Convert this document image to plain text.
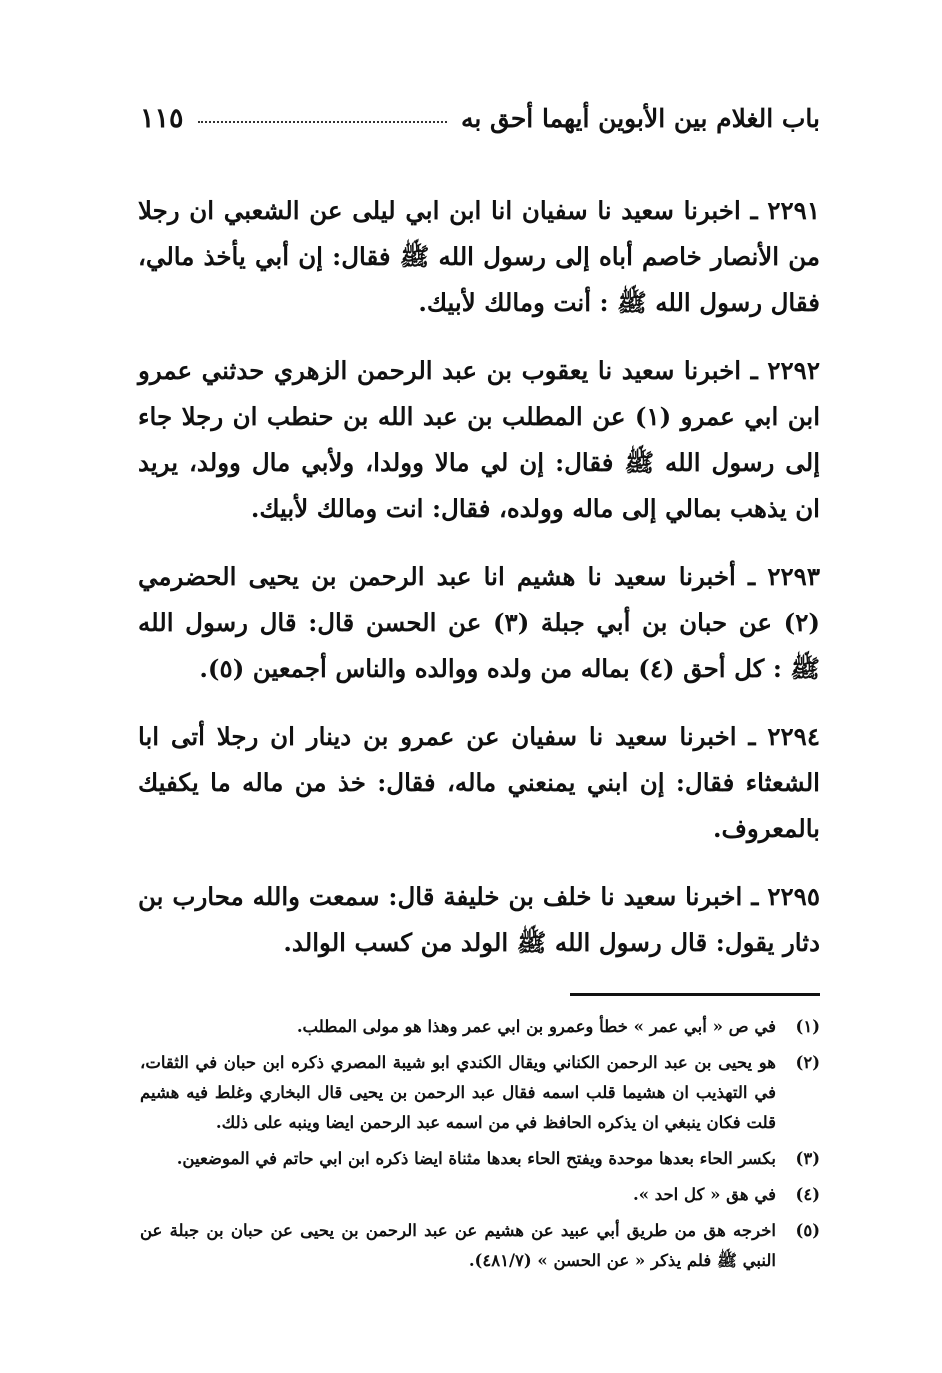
باب الغلام بين الأبوين أيهما أحق به
١١٥

٢٢٩١ ـ اخبرنا سعيد نا سفيان انا ابن ابي ليلى عن الشعبي ان رجلا من الأنصار خاصم أباه إلى رسول الله ﷺ فقال: إن أبي يأخذ مالي، فقال رسول الله ﷺ : أنت ومالك لأبيك.

٢٢٩٢ ـ اخبرنا سعيد نا يعقوب بن عبد الرحمن الزهري حدثني عمرو ابن ابي عمرو (١) عن المطلب بن عبد الله بن حنطب ان رجلا جاء إلى رسول الله ﷺ فقال: إن لي مالا وولدا، ولأبي مال وولد، يريد ان يذهب بمالي إلى ماله وولده، فقال: انت ومالك لأبيك.

٢٢٩٣ ـ أخبرنا سعيد نا هشيم انا عبد الرحمن بن يحيى الحضرمي (٢) عن حبان بن أبي جبلة (٣) عن الحسن قال: قال رسول الله ﷺ : كل أحق (٤) بماله من ولده ووالده والناس أجمعين (٥).

٢٢٩٤ ـ اخبرنا سعيد نا سفيان عن عمرو بن دينار ان رجلا أتى ابا الشعثاء فقال: إن ابني يمنعني ماله، فقال: خذ من ماله ما يكفيك بالمعروف.

٢٢٩٥ ـ اخبرنا سعيد نا خلف بن خليفة قال: سمعت والله محارب بن دثار يقول: قال رسول الله ﷺ الولد من كسب الوالد.

(١)
في ص « أبي عمر » خطأ وعمرو بن ابي عمر وهذا هو مولى المطلب.
(٢)
هو يحيى بن عبد الرحمن الكناني ويقال الكندي ابو شيبة المصري ذكره ابن حبان في الثقات، في التهذيب ان هشيما قلب اسمه فقال عبد الرحمن بن يحيى قال البخاري وغلط فيه هشيم قلت فكان ينبغي ان يذكره الحافظ في من اسمه عبد الرحمن ايضا وينبه على ذلك.
(٣)
بكسر الحاء بعدها موحدة ويفتح الحاء بعدها مثناة ايضا ذكره ابن ابي حاتم في الموضعين.
(٤)
في هق « كل احد ».
(٥)
اخرجه هق من طريق أبي عبيد عن هشيم عن عبد الرحمن بن يحيى عن حبان بن جبلة عن النبي ﷺ فلم يذكر « عن الحسن » (٤٨١/٧).
